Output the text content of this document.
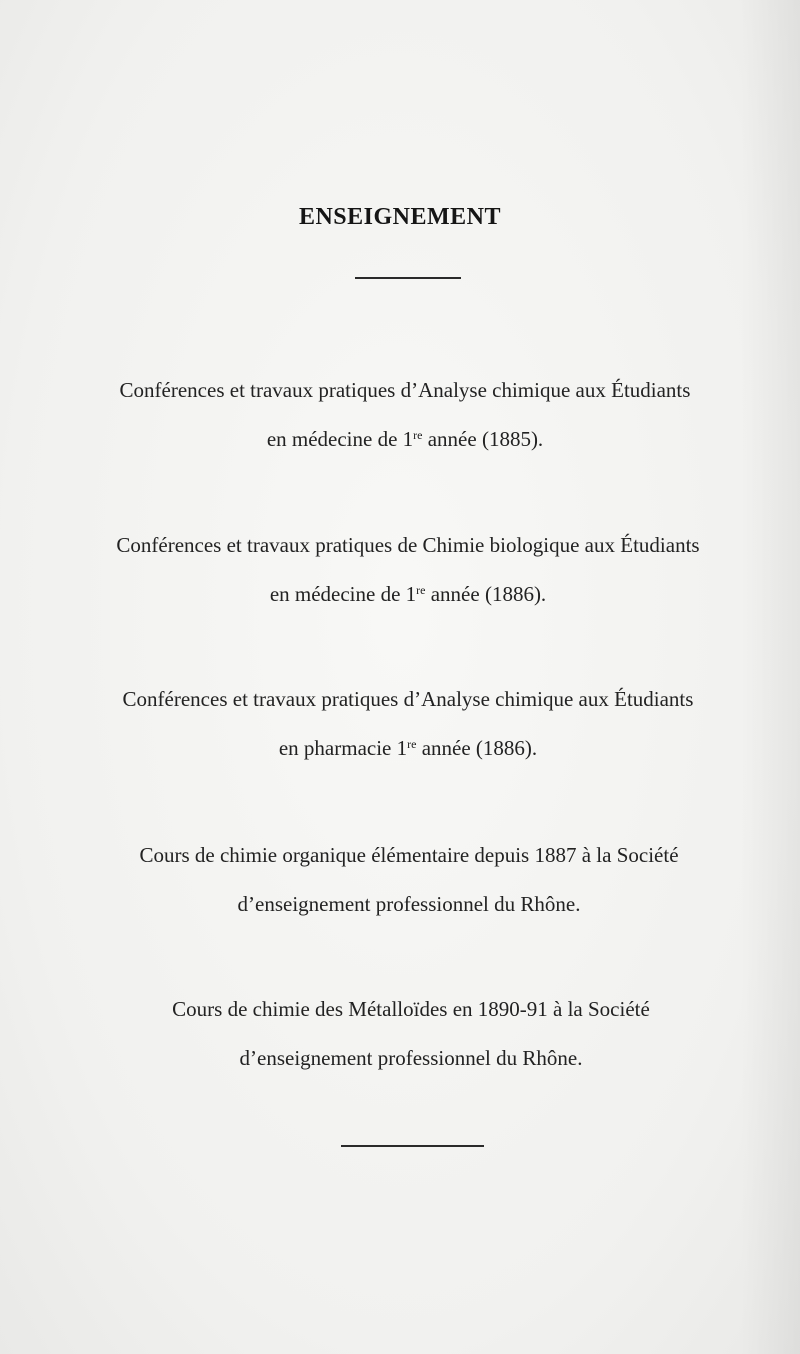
ENSEIGNEMENT
Conférences et travaux pratiques d’Analyse chimique aux Étudiants
en médecine de 1re année (1885).
Conférences et travaux pratiques de Chimie biologique aux Étudiants
en médecine de 1re année (1886).
Conférences et travaux pratiques d’Analyse chimique aux Étudiants
en pharmacie 1re année (1886).
Cours de chimie organique élémentaire depuis 1887 à la Société
d’enseignement professionnel du Rhône.
Cours de chimie des Métalloïdes en 1890-91 à la Société
d’enseignement professionnel du Rhône.
